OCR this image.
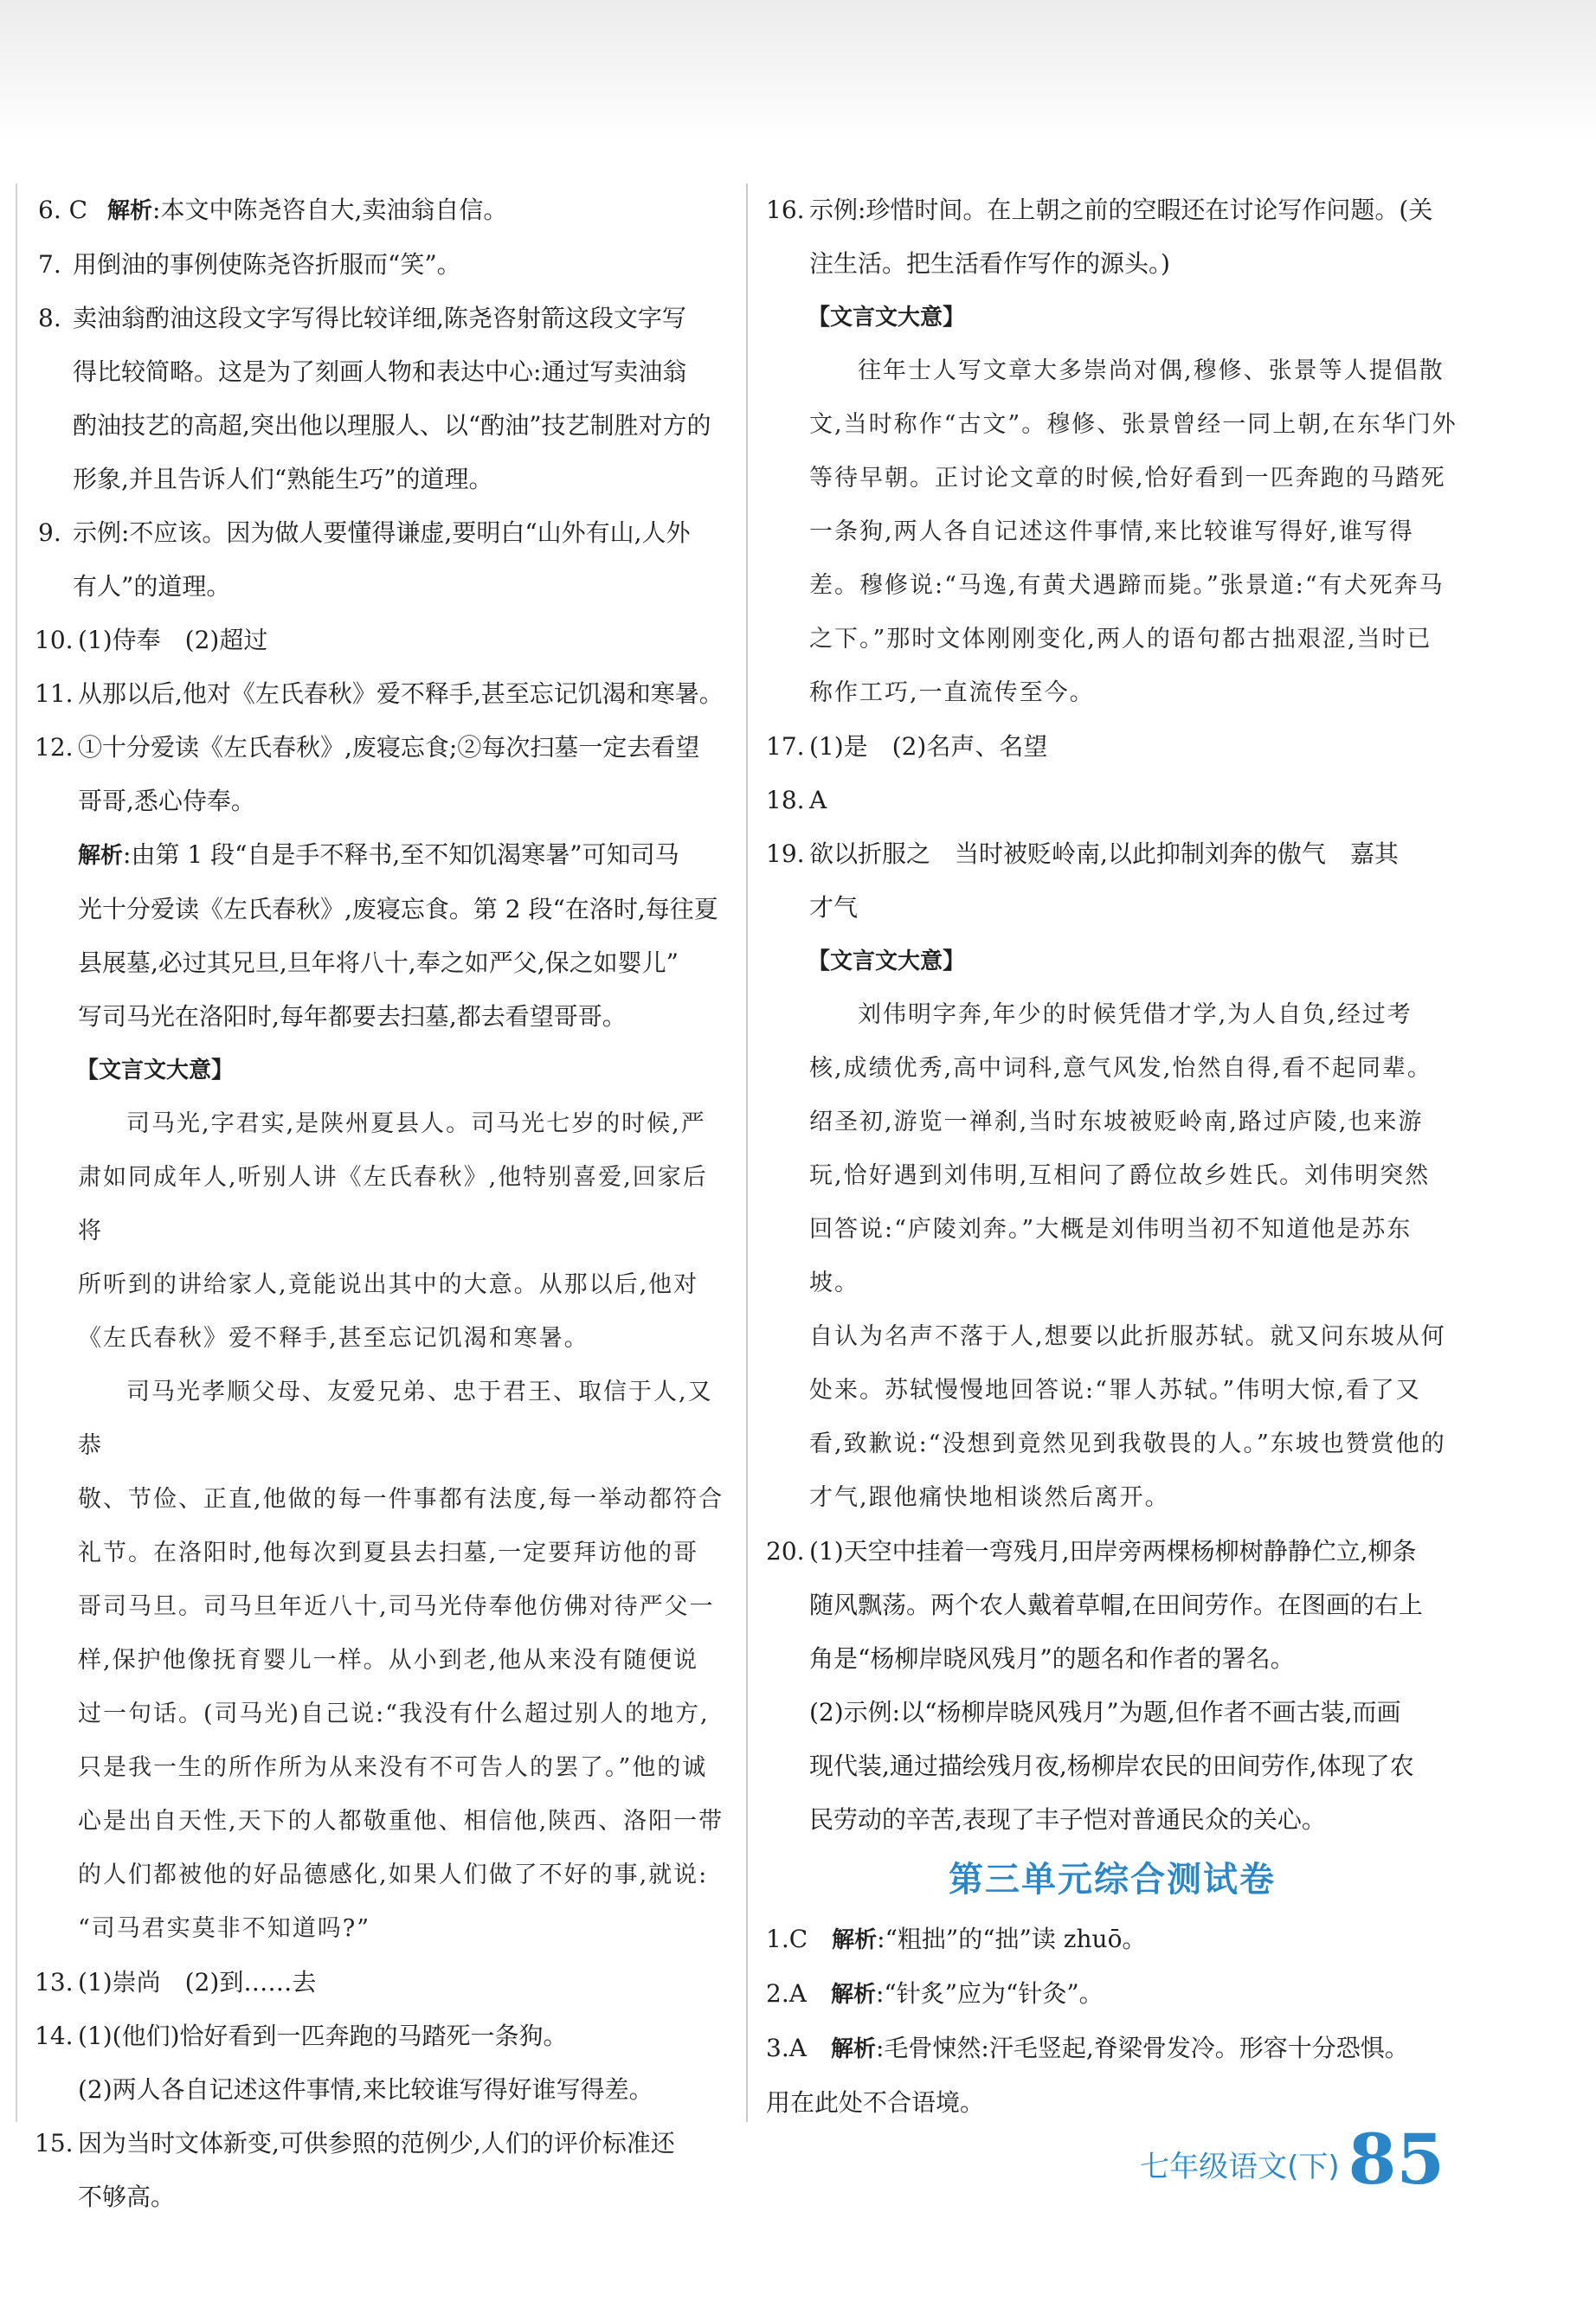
6. C 解析:本文中陈尧咨自大,卖油翁自信。
7. 用倒油的事例使陈尧咨折服而“笑”。
8. 卖油翁酌油这段文字写得比较详细,陈尧咨射箭这段文字写
得比较简略。这是为了刻画人物和表达中心:通过写卖油翁
酌油技艺的高超,突出他以理服人、以“酌油”技艺制胜对方的
形象,并且告诉人们“熟能生巧”的道理。
9. 示例:不应该。因为做人要懂得谦虚,要明白“山外有山,人外
有人”的道理。
10. (1)侍奉　(2)超过
11. 从那以后,他对《左氏春秋》爱不释手,甚至忘记饥渴和寒暑。
12. ①十分爱读《左氏春秋》,废寝忘食;②每次扫墓一定去看望
哥哥,悉心侍奉。
解析:由第 1 段“自是手不释书,至不知饥渴寒暑”可知司马
光十分爱读《左氏春秋》,废寝忘食。第 2 段“在洛时,每往夏
县展墓,必过其兄旦,旦年将八十,奉之如严父,保之如婴儿”
写司马光在洛阳时,每年都要去扫墓,都去看望哥哥。
【文言文大意】

司马光,字君实,是陕州夏县人。司马光七岁的时候,严
肃如同成年人,听别人讲《左氏春秋》,他特别喜爱,回家后将
所听到的讲给家人,竟能说出其中的大意。从那以后,他对
《左氏春秋》爱不释手,甚至忘记饥渴和寒暑。

司马光孝顺父母、友爱兄弟、忠于君王、取信于人,又恭
敬、节俭、正直,他做的每一件事都有法度,每一举动都符合
礼节。在洛阳时,他每次到夏县去扫墓,一定要拜访他的哥
哥司马旦。司马旦年近八十,司马光侍奉他仿佛对待严父一
样,保护他像抚育婴儿一样。从小到老,他从来没有随便说
过一句话。(司马光)自己说:“我没有什么超过别人的地方,
只是我一生的所作所为从来没有不可告人的罢了。”他的诚
心是出自天性,天下的人都敬重他、相信他,陕西、洛阳一带
的人们都被他的好品德感化,如果人们做了不好的事,就说:
“司马君实莫非不知道吗?”

13. (1)崇尚　(2)到……去
14. (1)(他们)恰好看到一匹奔跑的马踏死一条狗。
(2)两人各自记述这件事情,来比较谁写得好谁写得差。
15. 因为当时文体新变,可供参照的范例少,人们的评价标准还
不够高。
16. 示例:珍惜时间。在上朝之前的空暇还在讨论写作问题。(关
注生活。把生活看作写作的源头。)
【文言文大意】

往年士人写文章大多崇尚对偶,穆修、张景等人提倡散
文,当时称作“古文”。穆修、张景曾经一同上朝,在东华门外
等待早朝。正讨论文章的时候,恰好看到一匹奔跑的马踏死
一条狗,两人各自记述这件事情,来比较谁写得好,谁写得
差。穆修说:“马逸,有黄犬遇蹄而毙。”张景道:“有犬死奔马
之下。”那时文体刚刚变化,两人的语句都古拙艰涩,当时已
称作工巧,一直流传至今。

17. (1)是　(2)名声、名望
18. A
19. 欲以折服之　当时被贬岭南,以此抑制刘奔的傲气　嘉其
才气
【文言文大意】

刘伟明字奔,年少的时候凭借才学,为人自负,经过考
核,成绩优秀,高中词科,意气风发,怡然自得,看不起同辈。
绍圣初,游览一禅刹,当时东坡被贬岭南,路过庐陵,也来游
玩,恰好遇到刘伟明,互相问了爵位故乡姓氏。刘伟明突然
回答说:“庐陵刘奔。”大概是刘伟明当初不知道他是苏东坡。
自认为名声不落于人,想要以此折服苏轼。就又问东坡从何
处来。苏轼慢慢地回答说:“罪人苏轼。”伟明大惊,看了又
看,致歉说:“没想到竟然见到我敬畏的人。”东坡也赞赏他的
才气,跟他痛快地相谈然后离开。

20. (1)天空中挂着一弯残月,田岸旁两棵杨柳树静静伫立,柳条
随风飘荡。两个农人戴着草帽,在田间劳作。在图画的右上
角是“杨柳岸晓风残月”的题名和作者的署名。
(2)示例:以“杨柳岸晓风残月”为题,但作者不画古装,而画
现代装,通过描绘残月夜,杨柳岸农民的田间劳作,体现了农
民劳动的辛苦,表现了丰子恺对普通民众的关心。
第三单元综合测试卷
1.C 解析:“粗拙”的“拙”读 zhuō。
2.A 解析:“针炙”应为“针灸”。
3.A 解析:毛骨悚然:汗毛竖起,脊梁骨发冷。形容十分恐惧。
用在此处不合语境。
七年级语文(下) 85
